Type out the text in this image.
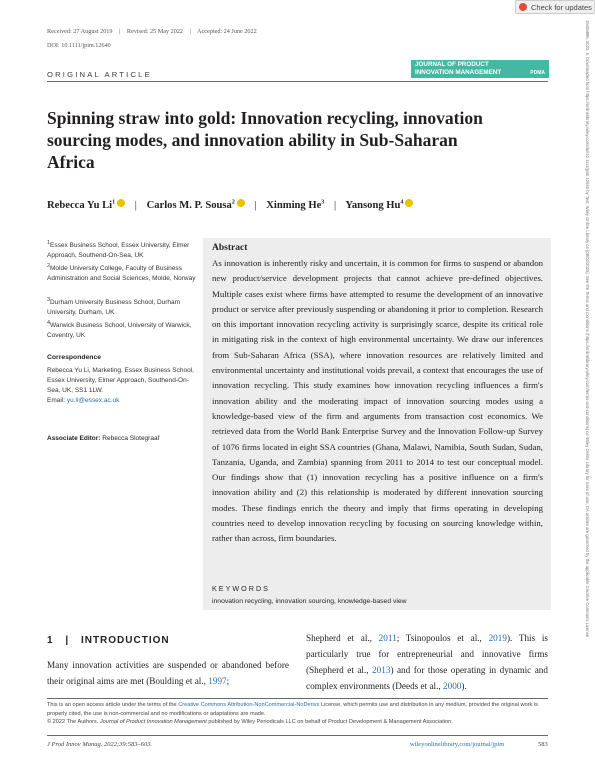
Check for updates
Received: 27 August 2019 | Revised: 25 May 2022 | Accepted: 24 June 2022
DOI: 10.1111/jpim.12640
JOURNAL OF PRODUCT
INNOVATION MANAGEMENT	PDMA
ORIGINAL ARTICLE
Spinning straw into gold: Innovation recycling, innovation sourcing modes, and innovation ability in Sub-Saharan Africa
Rebecca Yu Li$^1$ | Carlos M. P. Sousa$^2$ | Xinming He$^3$ | Yansong Hu$^4$
$^1$Essex Business School, Essex University, Elmer Approach, Southend-On-Sea, UK
$^2$Molde University College, Faculty of Business Administration and Social Sciences, Molde, Norway
$^3$Durham University Business School, Durham University, Durham, UK
$^4$Warwick Business School, University of Warwick, Coventry, UK
Correspondence
Rebecca Yu Li, Marketing, Essex Business School, Essex University, Elmer Approach, Southend-On-Sea, UK, SS1 1LW.
Email: yu.li@essex.ac.uk
Associate Editor: Rebecca Slotegraaf
Abstract
As innovation is inherently risky and uncertain, it is common for firms to suspend or abandon new product/service development projects that cannot achieve pre-defined objectives. Multiple cases exist where firms have attempted to resume the development of an innovative product or service after previously suspending or abandoning it prior to completion. Research on this important innovation recycling activity is surprisingly scarce, despite its critical role in mitigating risk in the context of high environmental uncertainty. We draw our inferences from Sub-Saharan Africa (SSA), where innovation resources are relatively limited and environmental uncertainty and institutional voids prevail, a context that encourages the use of innovation recycling. This study examines how innovation recycling influences a firm's innovation ability and the moderating impact of innovation sourcing modes using a knowledge-based view of the firm and arguments from transaction cost economics. We retrieved data from the World Bank Enterprise Survey and the Innovation Follow-up Survey of 1076 firms located in eight SSA countries (Ghana, Malawi, Namibia, South Sudan, Sudan, Tanzania, Uganda, and Zambia) spanning from 2011 to 2014 to test our conceptual model. Our findings show that (1) innovation recycling has a positive influence on a firm's innovation ability and (2) this relationship is moderated by different innovation sourcing modes. These findings enrich the theory and imply that firms operating in developing countries need to develop innovation recycling by focusing on sourcing knowledge within, rather than across, firm boundaries.
KEYWORDS
innovation recycling, innovation sourcing, knowledge-based view
1 | INTRODUCTION
Many innovation activities are suspended or abandoned before their original aims are met (Boulding et al., 1997;
Shepherd et al., 2011; Tsinopoulos et al., 2019). This is particularly true for entrepreneurial and innovative firms (Shepherd et al., 2013) and for those operating in dynamic and complex environments (Deeds et al., 2000).
This is an open access article under the terms of the Creative Commons Attribution-NonCommercial-NoDerivs License, which permits use and distribution in any medium, provided the original work is properly cited, the use is non-commercial and no modifications or adaptations are made.
© 2022 The Authors. Journal of Product Innovation Management published by Wiley Periodicals LLC on behalf of Product Development & Management Association.
J Prod Innov Manag. 2022;39:583–603.	wileyonlinelibrary.com/journal/jpim	583
15405885, 2022, 5, Downloaded from https://onlinelibrary.wiley.com/doi/10.1111/jpim.12640 by Test, Wiley Online Library on [08/02/2025]. See the Terms and Conditions (https://onlinelibrary.wiley.com/terms-and-conditions) on Wiley Online Library for rules of use; OA articles are governed by the applicable Creative Commons License
